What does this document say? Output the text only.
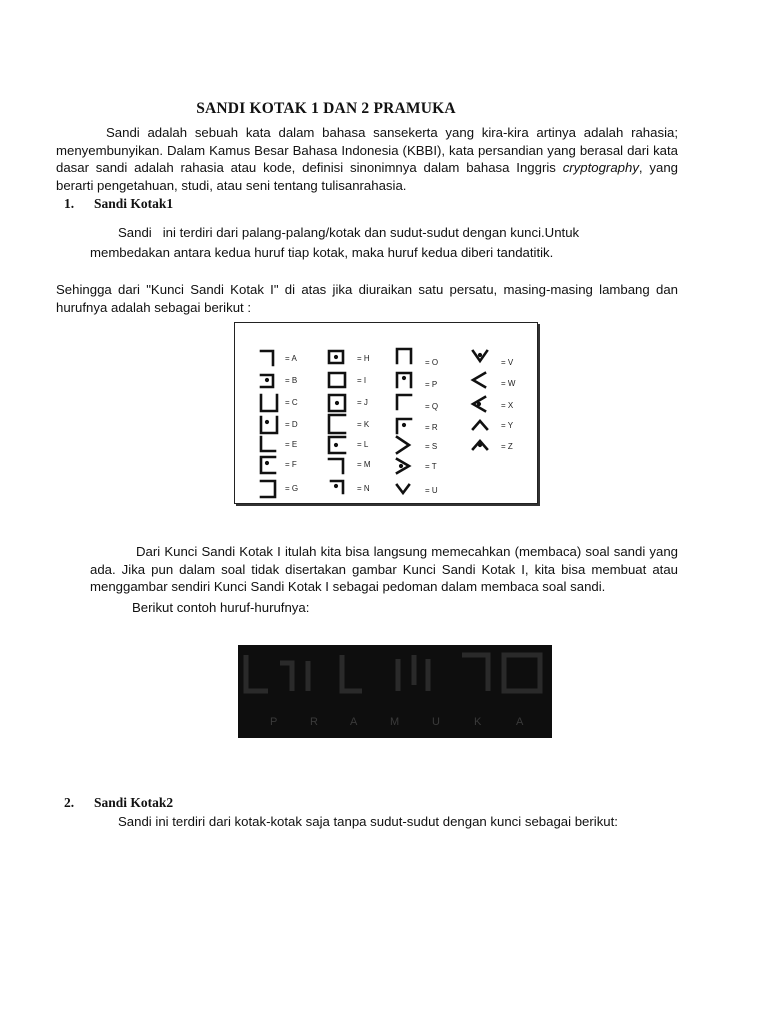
SANDI KOTAK 1 DAN 2 PRAMUKA
Sandi adalah sebuah kata dalam bahasa sansekerta yang kira-kira artinya adalah rahasia; menyembunyikan. Dalam Kamus Besar Bahasa Indonesia (KBBI), kata persandian yang berasal dari kata dasar sandi adalah rahasia atau kode, definisi sinonimnya dalam bahasa Inggris cryptography, yang berarti pengetahuan, studi, atau seni tentang tulisanrahasia.
1. Sandi Kotak1
Sandi   ini terdiri dari palang-palang/kotak dan sudut-sudut dengan kunci.Untuk
membedakan antara kedua huruf tiap kotak, maka huruf kedua diberi tandatitik.
Sehingga dari "Kunci Sandi Kotak I" di atas jika diuraikan satu persatu, masing-masing lambang dan hurufnya adalah sebagai berikut :
Dari Kunci Sandi Kotak I itulah kita bisa langsung memecahkan (membaca) soal sandi yang ada. Jika pun dalam soal tidak disertakan gambar Kunci Sandi Kotak I, kita bisa membuat atau menggambar sendiri Kunci Sandi Kotak I sebagai pedoman dalam membaca soal sandi.
Berikut contoh huruf-hurufnya:
2. Sandi Kotak2
Sandi ini terdiri dari kotak-kotak saja tanpa sudut-sudut dengan kunci sebagai berikut:
= A
= B
= C
= D
= E
= F
= G
= H
= I
= J
= K
= L
= M
= N
= O
= P
= Q
= R
= S
= T
= U
= V
= W
= X
= Y
= Z
P	R	A	M	U	K	A
